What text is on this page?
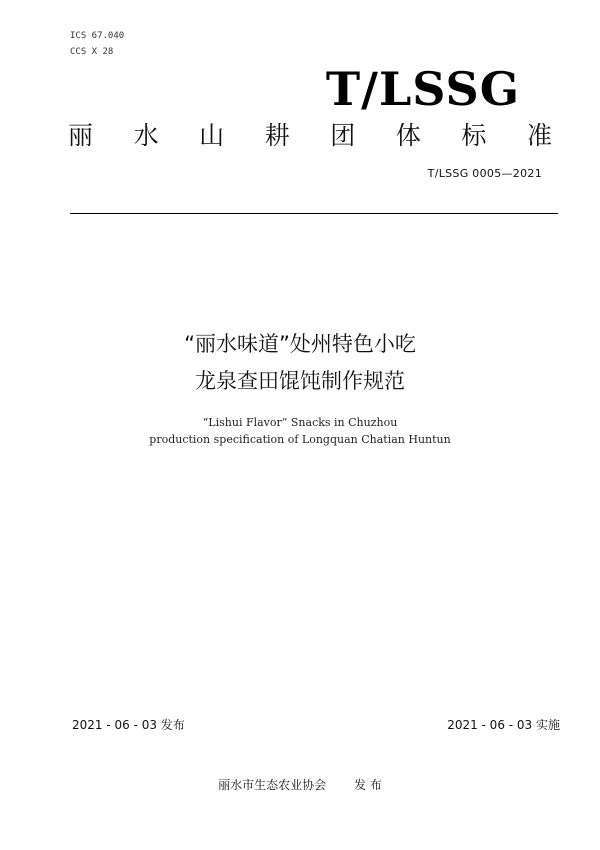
ICS 67.040
CCS X 28
T/LSSG
丽 水 山 耕 团 体 标 准
T/LSSG 0005—2021
“丽水味道”处州特色小吃
龙泉查田馄饨制作规范
“Lishui Flavor” Snacks in Chuzhou
production specification of Longquan Chatian Huntun
2021 - 06 - 03 发布	2021 - 06 - 03 实施
丽水市生态农业协会 发 布
